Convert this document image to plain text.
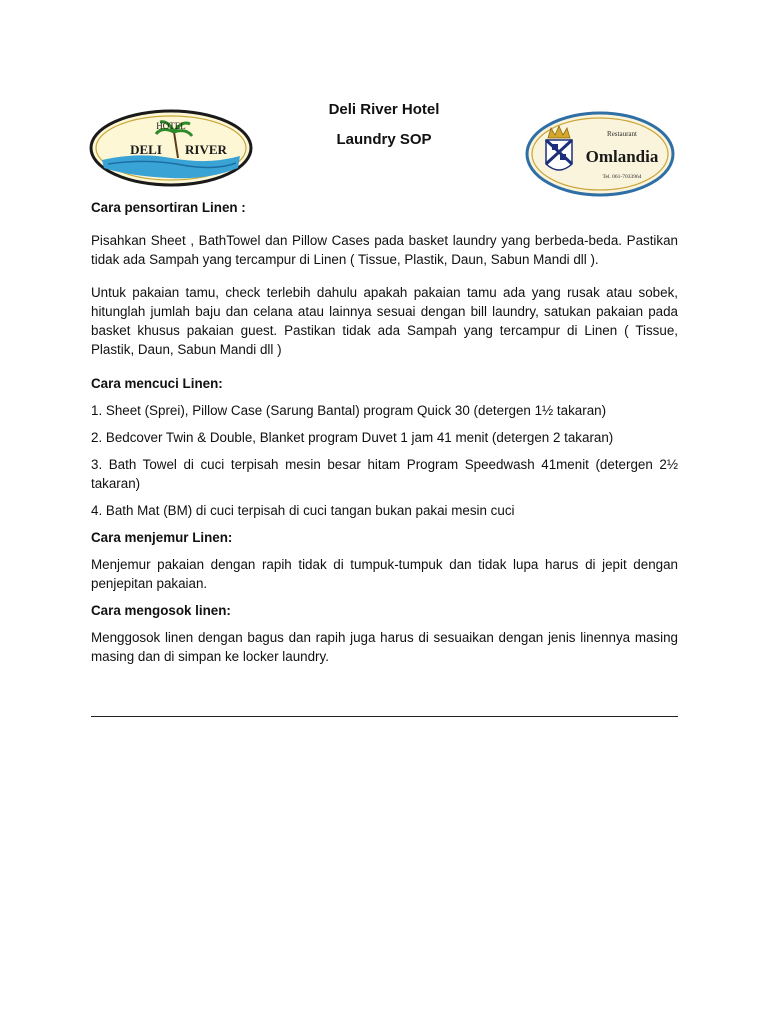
HOTEL
DELI RIVER
Restaurant
Omlandia
Tel. 061-7033964
Deli River Hotel
Laundry SOP

Cara pensortiran Linen :

Pisahkan Sheet , BathTowel dan Pillow Cases pada basket laundry yang berbeda-beda. Pastikan tidak ada Sampah yang tercampur di Linen ( Tissue, Plastik, Daun, Sabun Mandi dll ).

Untuk pakaian tamu, check terlebih dahulu apakah pakaian tamu ada yang rusak atau sobek, hitunglah jumlah baju dan celana atau lainnya sesuai dengan bill laundry, satukan pakaian pada basket khusus pakaian guest. Pastikan tidak ada Sampah yang tercampur di Linen ( Tissue, Plastik, Daun, Sabun Mandi dll )

Cara mencuci Linen:

1. Sheet (Sprei), Pillow Case (Sarung Bantal) program Quick 30 (detergen 1½ takaran)

2. Bedcover Twin & Double, Blanket program Duvet 1 jam 41 menit (detergen 2 takaran)

3. Bath Towel di cuci terpisah mesin besar hitam Program Speedwash 41menit (detergen 2½ takaran)

4. Bath Mat (BM) di cuci terpisah di cuci tangan bukan pakai mesin cuci

Cara menjemur Linen:

Menjemur pakaian dengan rapih tidak di tumpuk-tumpuk dan tidak lupa harus di jepit dengan penjepitan pakaian.

Cara mengosok linen:

Menggosok linen dengan bagus dan rapih juga harus di sesuaikan dengan jenis linennya masing masing dan di simpan ke locker laundry.
